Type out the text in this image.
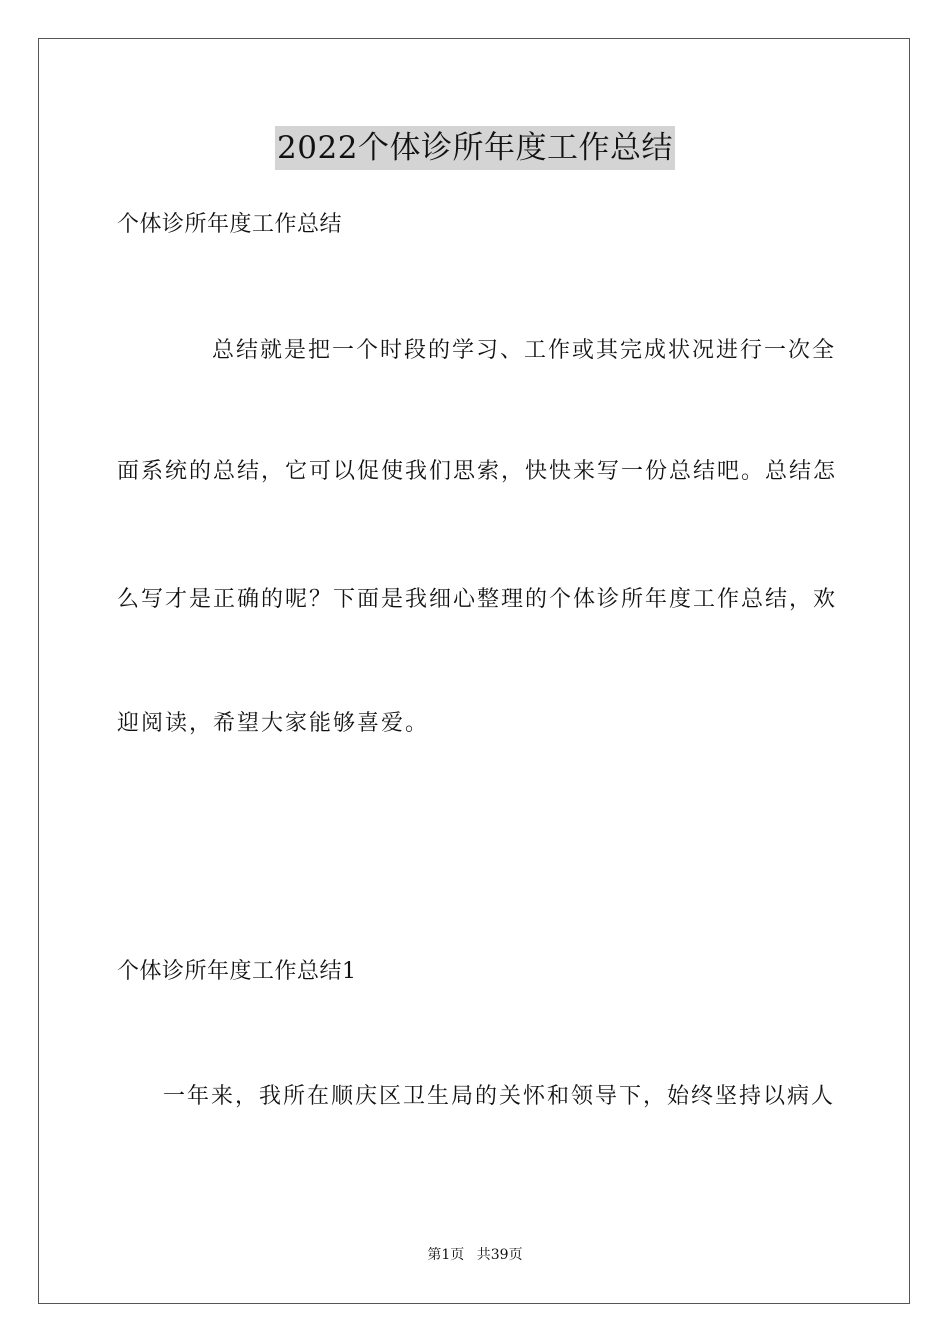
2022个体诊所年度工作总结
个体诊所年度工作总结
总结就是把一个时段的学习、工作或其完成状况进行一次全
面系统的总结，它可以促使我们思索，快快来写一份总结吧。总结怎
么写才是正确的呢？下面是我细心整理的个体诊所年度工作总结，欢
迎阅读，希望大家能够喜爱。
个体诊所年度工作总结1
一年来，我所在顺庆区卫生局的关怀和领导下，始终坚持以病人
第1页 共39页
